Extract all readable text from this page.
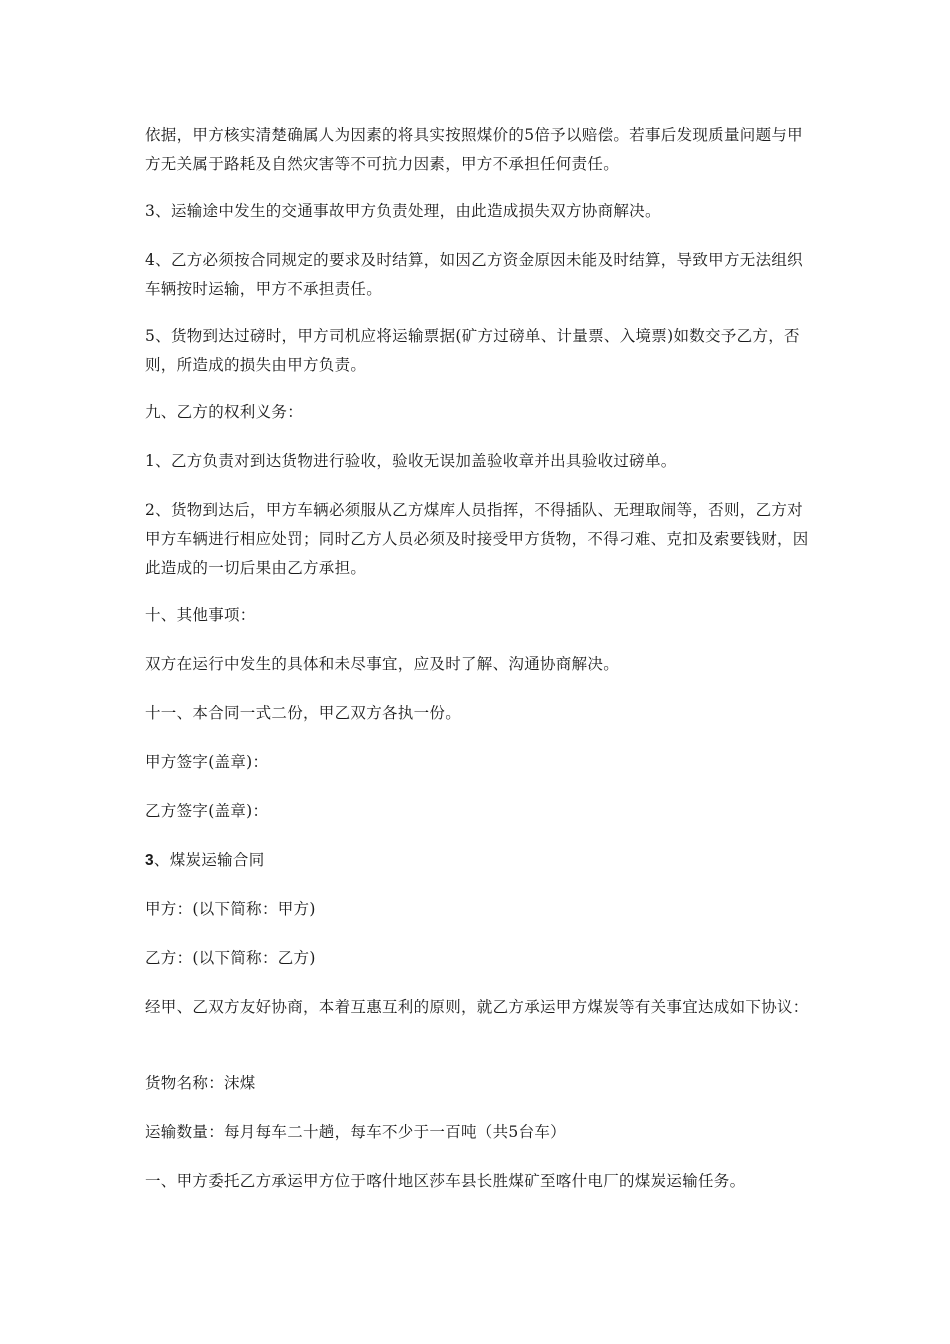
依据，甲方核实清楚确属人为因素的将具实按照煤价的5倍予以赔偿。若事后发现质量问题与甲方无关属于路耗及自然灾害等不可抗力因素，甲方不承担任何责任。

3、运输途中发生的交通事故甲方负责处理，由此造成损失双方协商解决。

4、乙方必须按合同规定的要求及时结算，如因乙方资金原因未能及时结算，导致甲方无法组织车辆按时运输，甲方不承担责任。

5、货物到达过磅时，甲方司机应将运输票据(矿方过磅单、计量票、入境票)如数交予乙方，否则，所造成的损失由甲方负责。

九、乙方的权利义务：

1、乙方负责对到达货物进行验收，验收无误加盖验收章并出具验收过磅单。

2、货物到达后，甲方车辆必须服从乙方煤库人员指挥，不得插队、无理取闹等，否则，乙方对甲方车辆进行相应处罚；同时乙方人员必须及时接受甲方货物，不得刁难、克扣及索要钱财，因此造成的一切后果由乙方承担。

十、其他事项：

双方在运行中发生的具体和未尽事宜，应及时了解、沟通协商解决。

十一、本合同一式二份，甲乙双方各执一份。

甲方签字(盖章)：

乙方签字(盖章)：

3、煤炭运输合同

甲方：(以下简称：甲方)

乙方：(以下简称：乙方)

经甲、乙双方友好协商，本着互惠互利的原则，就乙方承运甲方煤炭等有关事宜达成如下协议：

货物名称：沫煤

运输数量：每月每车二十趟，每车不少于一百吨（共5台车）

一、甲方委托乙方承运甲方位于喀什地区莎车县长胜煤矿至喀什电厂的煤炭运输任务。
